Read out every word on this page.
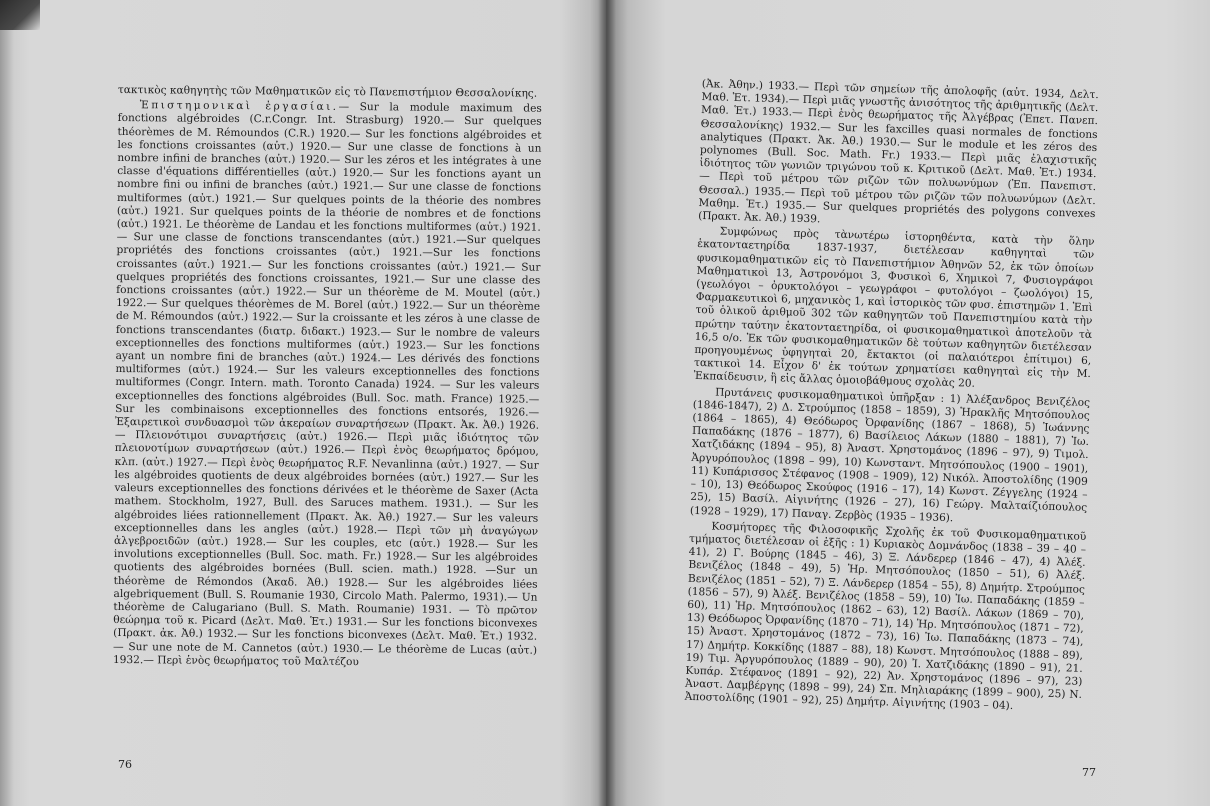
τακτικὸς καθηγητὴς τῶν Μαθηματικῶν εἰς τὸ Πανεπιστήμιον Θεσσαλονίκης.

Ἐπιστημονικαὶ ἐργασίαι.— Sur la module maximum des fonctions algébroides (C.r.Congr. Int. Strasburg) 1920.— Sur quelques théorèmes de M. Rémoundos (C.R.) 1920.— Sur les fonctions algébroides et les fonctions croissantes (αὐτ.) 1920.— Sur une classe de fonctions à un nombre infini de branches (αὐτ.) 1920.— Sur les zéros et les intégrates à une classe d'équations différentielles (αὐτ.) 1920.— Sur les fonctions ayant un nombre fini ou infini de branches (αὐτ.) 1921.— Sur une classe de fonctions multiformes (αὐτ.) 1921.— Sur quelques points de la théorie des nombres (αὐτ.) 1921. Sur quelques points de la théorie de nombres et de fonctions (αὐτ.) 1921. Le théorème de Landau et les fonctions multiformes (αὐτ.) 1921.— Sur une classe de fonctions transcendantes (αὐτ.) 1921.—Sur quelques propriétés des fonctions croissantes (αὐτ.) 1921.—Sur les fonctions croissantes (αὐτ.) 1921.— Sur les fonctions croissantes (αὐτ.) 1921.— Sur quelques propriétés des fonctions croissantes, 1921.— Sur une classe des fonctions croissantes (αὐτ.) 1922.— Sur un théorème de M. Moutel (αὐτ.) 1922.— Sur quelques théorèmes de M. Borel (αὐτ.) 1922.— Sur un théorème de M. Rémoundos (αὐτ.) 1922.— Sur la croissante et les zéros à une classe de fonctions transcendantes (διατρ. διδακτ.) 1923.— Sur le nombre de valeurs exceptionnelles des fonctions multiformes (αὐτ.) 1923.— Sur les fonctions ayant un nombre fini de branches (αὐτ.) 1924.— Les dérivés des fonctions multiformes (αὐτ.) 1924.— Sur les valeurs exceptionnelles des fonctions multiformes (Congr. Intern. math. Toronto Canada) 1924. — Sur les valeurs exceptionnelles des fonctions algébroides (Bull. Soc. math. France) 1925.— Sur les combinaisons exceptionnelles des fonctions entsorés, 1926.— Ἐξαιρετικοὶ συνδυασμοὶ τῶν ἀκεραίων συναρτήσεων (Πρακτ. Ἀκ. Ἀθ.) 1926.— Πλειονότιμοι συναρτήσεις (αὐτ.) 1926.— Περὶ μιᾶς ἰδιότητος τῶν πλειονοτίμων συναρτήσεων (αὐτ.) 1926.— Περὶ ἑνὸς θεωρήματος δρόμου, κλπ. (αὐτ.) 1927.— Περὶ ἑνὸς θεωρήματος R.F. Nevanlinna (αὐτ.) 1927. — Sur les algébroides quotients de deux algébroides bornées (αὐτ.) 1927.— Sur les valeurs exceptionnelles des fonctions dérivées et le théorème de Saxer (Acta mathem. Stockholm, 1927, Bull. des Saruces mathem. 1931.). — Sur les algébroides liées rationnellement (Πρακτ. Ἀκ. Ἀθ.) 1927.— Sur les valeurs exceptionnelles dans les angles (αὐτ.) 1928.— Περὶ τῶν μὴ ἀναγώγων ἀλγεβροειδῶν (αὐτ.) 1928.— Sur les couples, etc (αὐτ.) 1928.— Sur les involutions exceptionnelles (Bull. Soc. math. Fr.) 1928.— Sur les algébroides quotients des algébroides bornées (Bull. scien. math.) 1928. —Sur un théorème de Rémondos (Ἀκαδ. Ἀθ.) 1928.— Sur les algébroides liées algebriquement (Bull. S. Roumanie 1930, Circolo Math. Palermo, 1931).— Un théorème de Calugariano (Bull. S. Math. Roumanie) 1931. — Τὸ πρῶτον θεώρημα τοῦ κ. Picard (Δελτ. Μαθ. Ἑτ.) 1931.— Sur les fonctions biconvexes (Πρακτ. ἀκ. Ἀθ.) 1932.— Sur les fonctions biconvexes (Δελτ. Μαθ. Ἑτ.) 1932.— Sur une note de M. Cannetos (αὐτ.) 1930.— Le théorème de Lucas (αὐτ.) 1932.— Περὶ ἑνὸς θεωρήματος τοῦ Μαλτέζου

76

(Ἀκ. Ἀθην.) 1933.— Περὶ τῶν σημείων τῆς ἀπολοφῆς (αὐτ. 1934, Δελτ. Μαθ. Ἑτ. 1934).— Περὶ μιᾶς γνωστῆς ἀνισότητος τῆς ἀριθμητικῆς (Δελτ. Μαθ. Ἑτ.) 1933.— Περὶ ἑνὸς θεωρήματος τῆς Ἀλγέβρας (Ἐπετ. Πανεπ. Θεσσαλονίκης) 1932.— Sur les faxcilles quasi normales de fonctions analytiques (Πρακτ. Ἀκ. Ἀθ.) 1930.— Sur le module et les zéros des polynomes (Bull. Soc. Math. Fr.) 1933.— Περὶ μιᾶς ἐλαχιστικῆς ἰδιότητος τῶν γωνιῶν τριγώνου τοῦ κ. Κριτικοῦ (Δελτ. Μαθ. Ἑτ.) 1934.— Περὶ τοῦ μέτρου τῶν ριζῶν τῶν πολυωνύμων (Ἐπ. Πανεπιστ. Θεσσαλ.) 1935.— Περὶ τοῦ μέτρου τῶν ριζῶν τῶν πολυωνύμων (Δελτ. Μαθημ. Ἑτ.) 1935.— Sur quelques propriétés des polygons convexes (Πρακτ. Ἀκ. Ἀθ.) 1939.

Συμφώνως πρὸς τὰνωτέρω ἱστορηθέντα, κατὰ τὴν ὅλην ἑκατονταετηρίδα 1837-1937, διετέλεσαν καθηγηταὶ τῶν φυσικομαθηματικῶν εἰς τὸ Πανεπιστήμιον Ἀθηνῶν 52, ἐκ τῶν ὁποίων Μαθηματικοὶ 13, Ἀστρονόμοι 3, Φυσικοὶ 6, Χημικοὶ 7, Φυσιογράφοι (γεωλόγοι – ὀρυκτολόγοι – γεωγράφοι – φυτολόγοι – ζωολόγοι) 15, Φαρμακευτικοὶ 6, μηχανικὸς 1, καὶ ἱστορικὸς τῶν φυσ. ἐπιστημῶν 1. Ἐπὶ τοῦ ὁλικοῦ ἀριθμοῦ 302 τῶν καθηγητῶν τοῦ Πανεπιστημίου κατὰ τὴν πρώτην ταύτην ἑκατονταετηρίδα, οἱ φυσικομαθηματικοὶ ἀποτελοῦν τὰ 16,5 ο/ο. Ἐκ τῶν φυσικομαθηματικῶν δὲ τούτων καθηγητῶν διετέλεσαν προηγουμένως ὑφηγηταὶ 20, ἔκτακτοι (οἱ παλαιότεροι ἐπίτιμοι) 6, τακτικοὶ 14. Εἶχον δ' ἐκ τούτων χρηματίσει καθηγηταὶ εἰς τὴν Μ. Ἐκπαίδευσιν, ἢ εἰς ἄλλας ὁμοιοβάθμους σχολὰς 20.

Πρυτάνεις φυσικομαθηματικοὶ ὑπῆρξαν : 1) Ἀλέξανδρος Βενιζέλος (1846-1847), 2) Δ. Στρούμπος (1858 – 1859), 3) Ἡρακλῆς Μητσόπουλος (1864 – 1865), 4) Θεόδωρος Ὀρφανίδης (1867 – 1868), 5) Ἰωάννης Παπαδάκης (1876 – 1877), 6) Βασίλειος Λάκων (1880 – 1881), 7) Ἰω. Χατζιδάκης (1894 – 95), 8) Ἀναστ. Χρηστομάνος (1896 – 97), 9) Τιμολ. Ἀργυρόπουλος (1898 – 99), 10) Κωνσταντ. Μητσόπουλος (1900 – 1901), 11) Κυπάρισσος Στέφανος (1908 – 1909), 12) Νικόλ. Ἀποστολίδης (1909 – 10), 13) Θεόδωρος Σκούφος (1916 – 17), 14) Κωνστ. Ζέγγελης (1924 – 25), 15) Βασίλ. Αἰγινήτης (1926 – 27), 16) Γεώργ. Μαλταίζιόπουλος (1928 – 1929), 17) Παναγ. Ζερβὸς (1935 – 1936).

Κοσμήτορες τῆς Φιλοσοφικῆς Σχολῆς ἐκ τοῦ Φυσικομαθηματικοῦ τμήματος διετέλεσαν οἱ ἑξῆς : 1) Κυριακὸς Δομνάνδος (1838 – 39 – 40 – 41), 2) Γ. Βούρης (1845 – 46), 3) Ξ. Λάνδερερ (1846 – 47), 4) Ἀλέξ. Βενιζέλος (1848 – 49), 5) Ἡρ. Μητσόπουλος (1850 – 51), 6) Ἀλέξ. Βενιζέλος (1851 – 52), 7) Ξ. Λάνδερερ (1854 – 55), 8) Δημήτρ. Στρούμπος (1856 – 57), 9) Ἀλέξ. Βενιζέλος (1858 – 59), 10) Ἰω. Παπαδάκης (1859 – 60), 11) Ἡρ. Μητσόπουλος (1862 – 63), 12) Βασίλ. Λάκων (1869 – 70), 13) Θεόδωρος Ὀρφανίδης (1870 – 71), 14) Ἡρ. Μητσόπουλος (1871 – 72), 15) Ἀναστ. Χρηστομάνος (1872 – 73), 16) Ἰω. Παπαδάκης (1873 – 74), 17) Δημήτρ. Κοκκίδης (1887 – 88), 18) Κωνστ. Μητσόπουλος (1888 – 89), 19) Τιμ. Ἀργυρόπουλος (1889 – 90), 20) Ἰ. Χατζιδάκης (1890 – 91), 21. Κυπάρ. Στέφανος (1891 – 92), 22) Ἀν. Χρηστομάνος (1896 – 97), 23) Ἀναστ. Δαμβέργης (1898 – 99), 24) Σπ. Μηλιαράκης (1899 – 900), 25) Ν. Ἀποστολίδης (1901 – 92), 25) Δημήτρ. Αἰγινήτης (1903 – 04).

77
